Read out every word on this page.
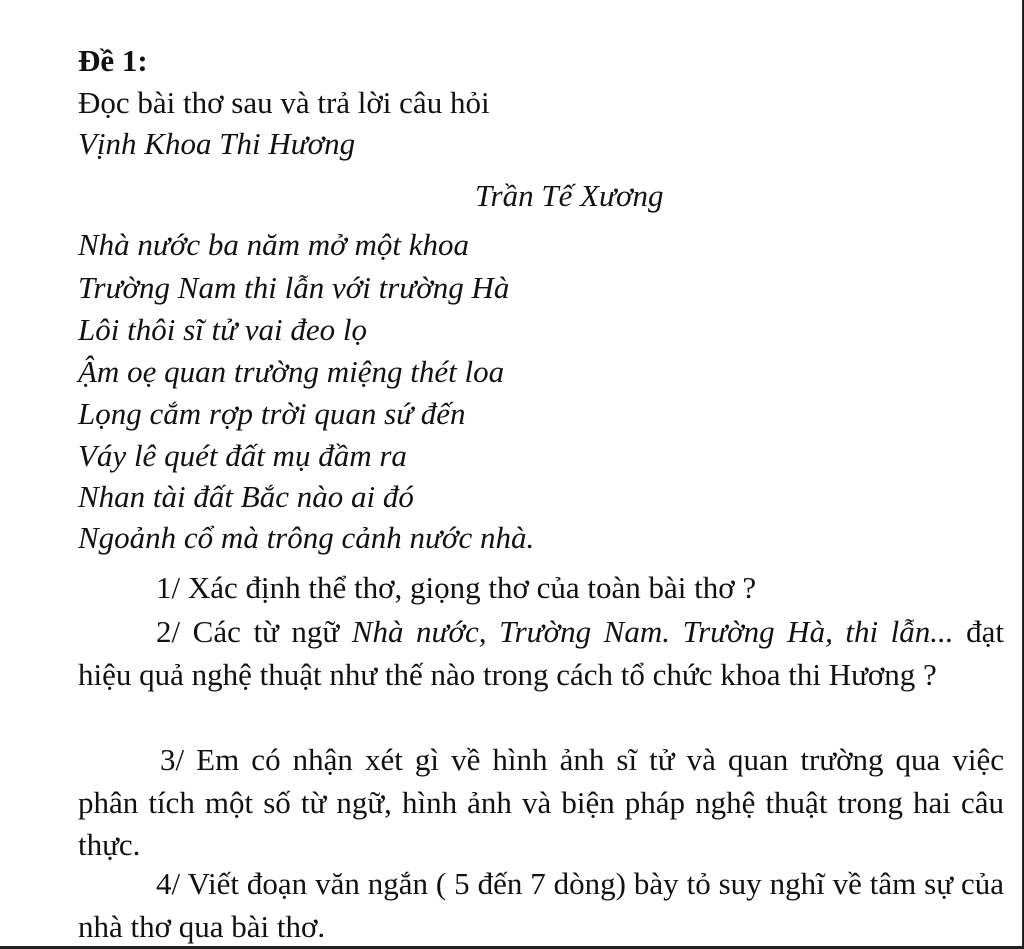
Đề 1:

Đọc bài thơ sau và trả lời câu hỏi

Vịnh Khoa Thi Hương

Trần Tế Xương

Nhà nước ba năm mở một khoa

Trường Nam thi lẫn với trường Hà

Lôi thôi sĩ tử vai đeo lọ

Ậm oẹ quan trường miệng thét loa

Lọng cắm rợp trời quan sứ đến

Váy lê quét đất mụ đầm ra

Nhan tài đất Bắc nào ai đó

Ngoảnh cổ mà trông cảnh nước nhà.

1/ Xác định thể thơ, giọng thơ của toàn bài thơ ?

2/ Các từ ngữ Nhà nước, Trường Nam. Trường Hà, thi lẫn... đạt hiệu quả nghệ thuật như thế nào trong cách tổ chức khoa thi Hương ?

3/ Em có nhận xét gì về hình ảnh sĩ tử và quan trường qua việc phân tích một số từ ngữ, hình ảnh và biện pháp nghệ thuật trong hai câu thực.

4/ Viết đoạn văn ngắn ( 5 đến 7 dòng) bày tỏ suy nghĩ về tâm sự của nhà thơ qua bài thơ.
